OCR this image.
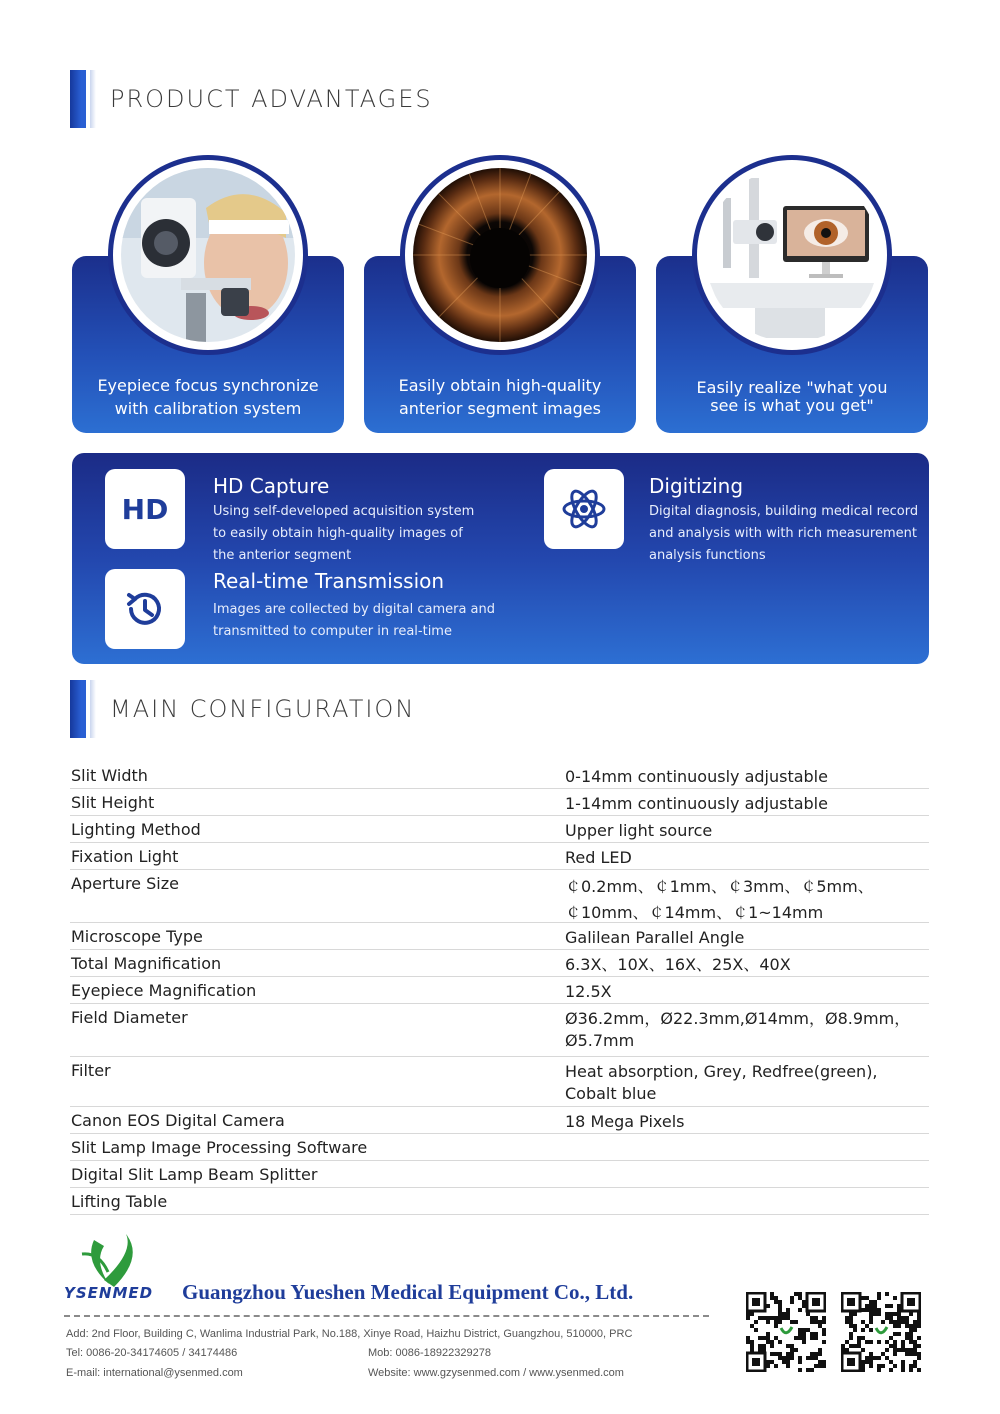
PRODUCT ADVANTAGES
Eyepiece focus synchronize
with calibration system
Easily obtain high-quality
anterior segment images
Easily realize "what you
see is what you get"
HD
HD Capture
Using self-developed acquisition system
to easily obtain high-quality images of
the anterior segment
Real-time Transmission
Images are collected by digital camera and
transmitted to computer in real-time
Digitizing
Digital diagnosis, building medical record
and analysis with with rich measurement
analysis functions
MAIN CONFIGURATION
Slit Width	0-14mm continuously adjustable
Slit Height	1-14mm continuously adjustable
Lighting Method	Upper light source
Fixation Light	Red LED
Aperture Size	￠0.2mm、￠1mm、￠3mm、￠5mm、
￠10mm、￠14mm、￠1~14mm
Microscope Type	Galilean Parallel Angle
Total Magnification	6.3X、10X、16X、25X、40X
Eyepiece Magnification	12.5X
Field Diameter	Ø36.2mm，Ø22.3mm,Ø14mm，Ø8.9mm，
Ø5.7mm
Filter	Heat absorption, Grey, Redfree(green),
Cobalt blue
Canon EOS Digital Camera	18 Mega Pixels
Slit Lamp Image Processing Software
Digital Slit Lamp Beam Splitter
Lifting Table
YSENMED Guangzhou Yueshen Medical Equipment Co., Ltd.
Add: 2nd Floor, Building C, Wanlima Industrial Park, No.188, Xinye Road, Haizhu District, Guangzhou, 510000, PRC
Tel: 0086-20-34174605 / 34174486	Mob: 0086-18922329278
E-mail: international@ysenmed.com	Website: www.gzysenmed.com / www.ysenmed.com
